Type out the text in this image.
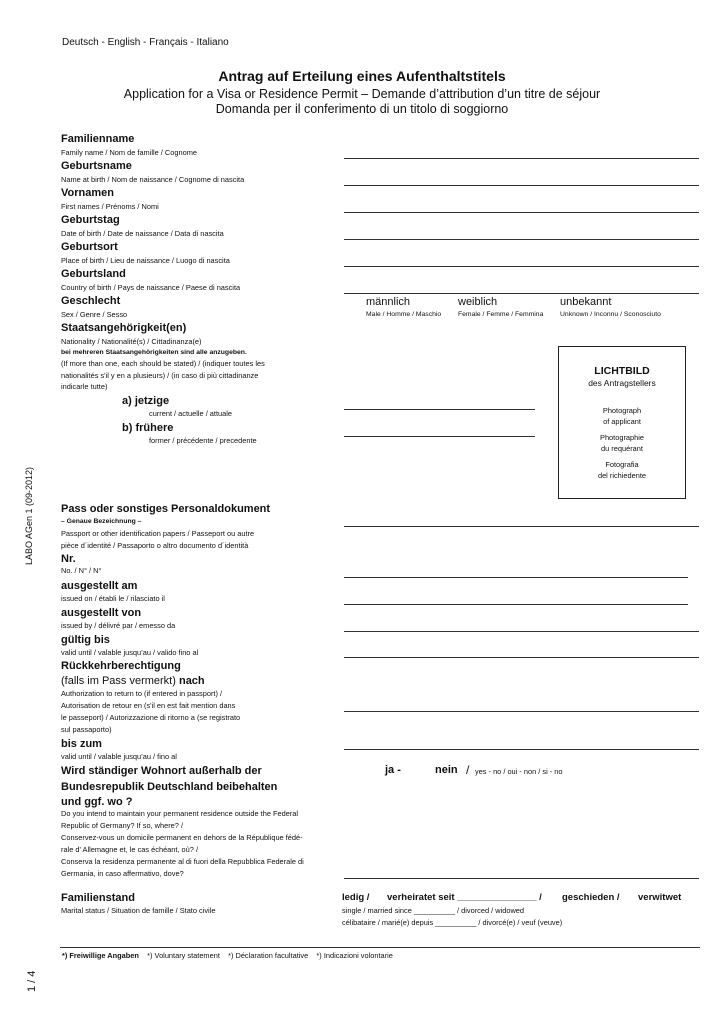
Deutsch - English - Français - Italiano
Antrag auf Erteilung eines Aufenthaltstitels
Application for a Visa or Residence Permit – Demande d’attribution d’un titre de séjour
Domanda per il conferimento di un titolo di soggiorno
LABO AGen 1 (09-2012)
1 / 4
Familienname
Family name / Nom de famille / Cognome
Geburtsname
Name at birth / Nom de naissance / Cognome di nascita
Vornamen
First names / Prénoms / Nomi
Geburtstag
Date of birth / Date de naissance / Data di nascita
Geburtsort
Place of birth / Lieu de naissance / Luogo di nascita
Geburtsland
Country of birth / Pays de naissance / Paese di nascita
Geschlecht
Sex / Genre / Sesso
männlich
Male / Homme / Maschio
weiblich
Female / Femme / Femmina
unbekannt
Unknown / Inconnu / Sconosciuto
Staatsangehörigkeit(en)
Nationality / Nationalité(s) / Cittadinanza(e)
bei mehreren Staatsangehörigkeiten sind alle anzugeben.
(If more than one, each should be stated) / (indiquer toutes les
nationalités s'il y en a plusieurs) / (in caso di più cittadinanze
indicarle tutte)
a) jetzige
current / actuelle / attuale
b) frühere
former / précédente / precedente
LICHTBILD
des Antragstellers
Photograph
of applicant
Photographie
du requérant
Fotografia
del richiedente
Pass oder sonstiges Personaldokument
– Genaue Bezeichnung –
Passport or other identification papers / Passeport ou autre
pièce d´identité / Passaporto o altro documento d´identità
Nr.
No. / N° / N°
ausgestellt am
issued on / établi le / rilasciato il
ausgestellt von
issued by / délivré par / emesso da
gültig bis
valid until / valable jusqu’au / valido fino al
Rückkehrberechtigung
(falls im Pass vermerkt) nach
Authorization to return to (if entered in passport) /
Autorisation de retour en (s'il en est fait mention dans
le passeport) / Autorizzazione di ritorno a (se registrato
sul passaporto)
bis zum
valid until / valable jusqu’au / fino al
Wird ständiger Wohnort außerhalb der
Bundesrepublik Deutschland beibehalten
und ggf. wo ?
ja -	nein / yes - no / oui - non / si - no
Do you intend to maintain your permanent residence outside the Federal
Republic of Germany? If so, where? /
Conservez-vous un domicile permanent en dehors de la République fédé-
rale d' Allemagne et, le cas échéant, où? /
Conserva la residenza permanente al di fuori della Repubblica Federale di
Germania, in caso affermativo, dove?
Familienstand
Marital status / Situation de famille / Stato civile
ledig / verheiratet seit _______________ / geschieden / verwitwet
single / married since __________ / divorced / widowed
célibataire / marié(e) depuis __________ / divorcé(e) / veuf (veuve)
*) Freiwillige Angaben *) Voluntary statement *) Déclaration facultative *) Indicazioni volontarie
